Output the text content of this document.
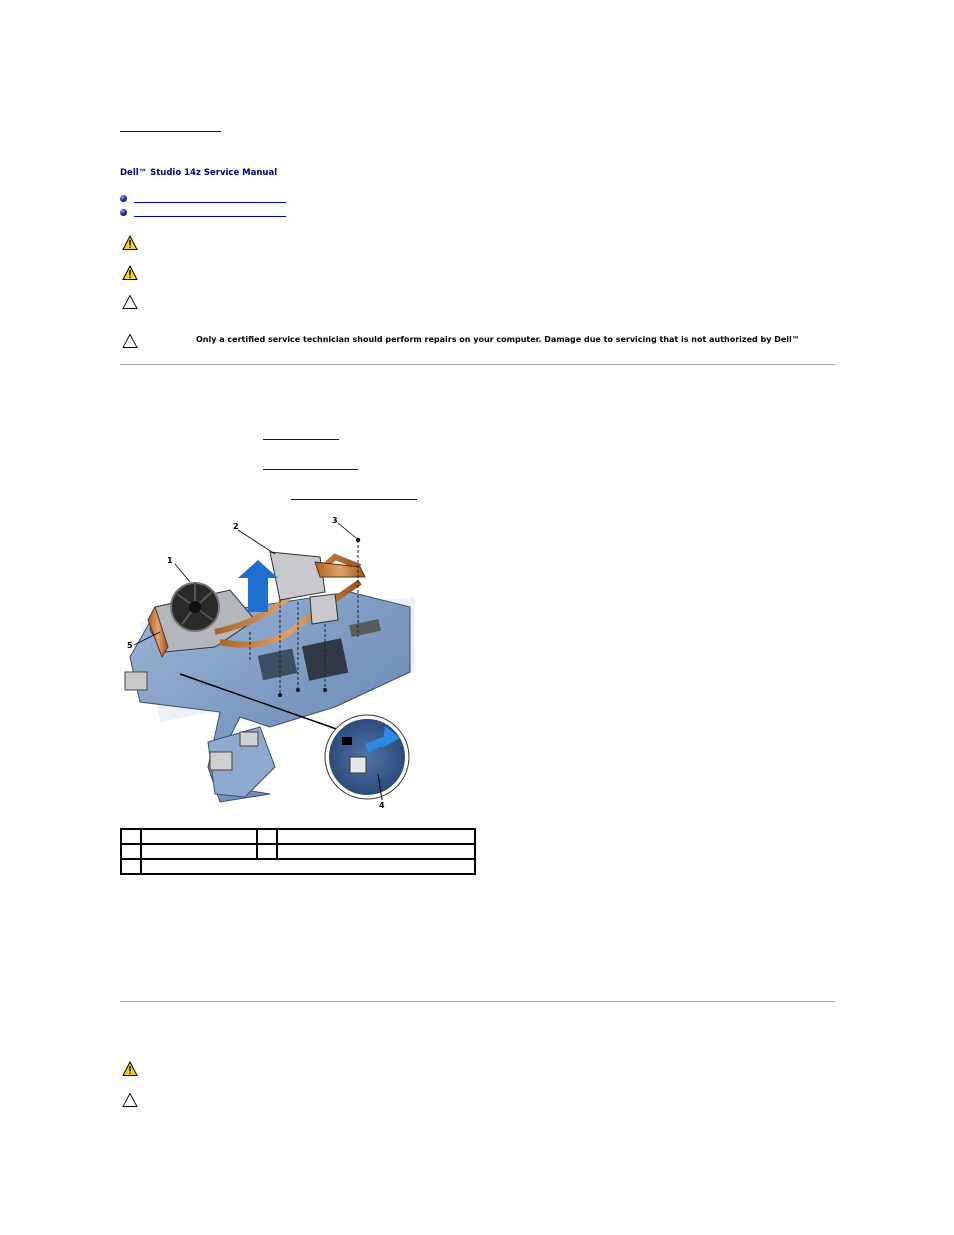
Dell™ Studio 14z Service Manual
Only a certified service technician should perform repairs on your computer. Damage due to servicing that is not authorized by Dell™
1
2
3
4
5
